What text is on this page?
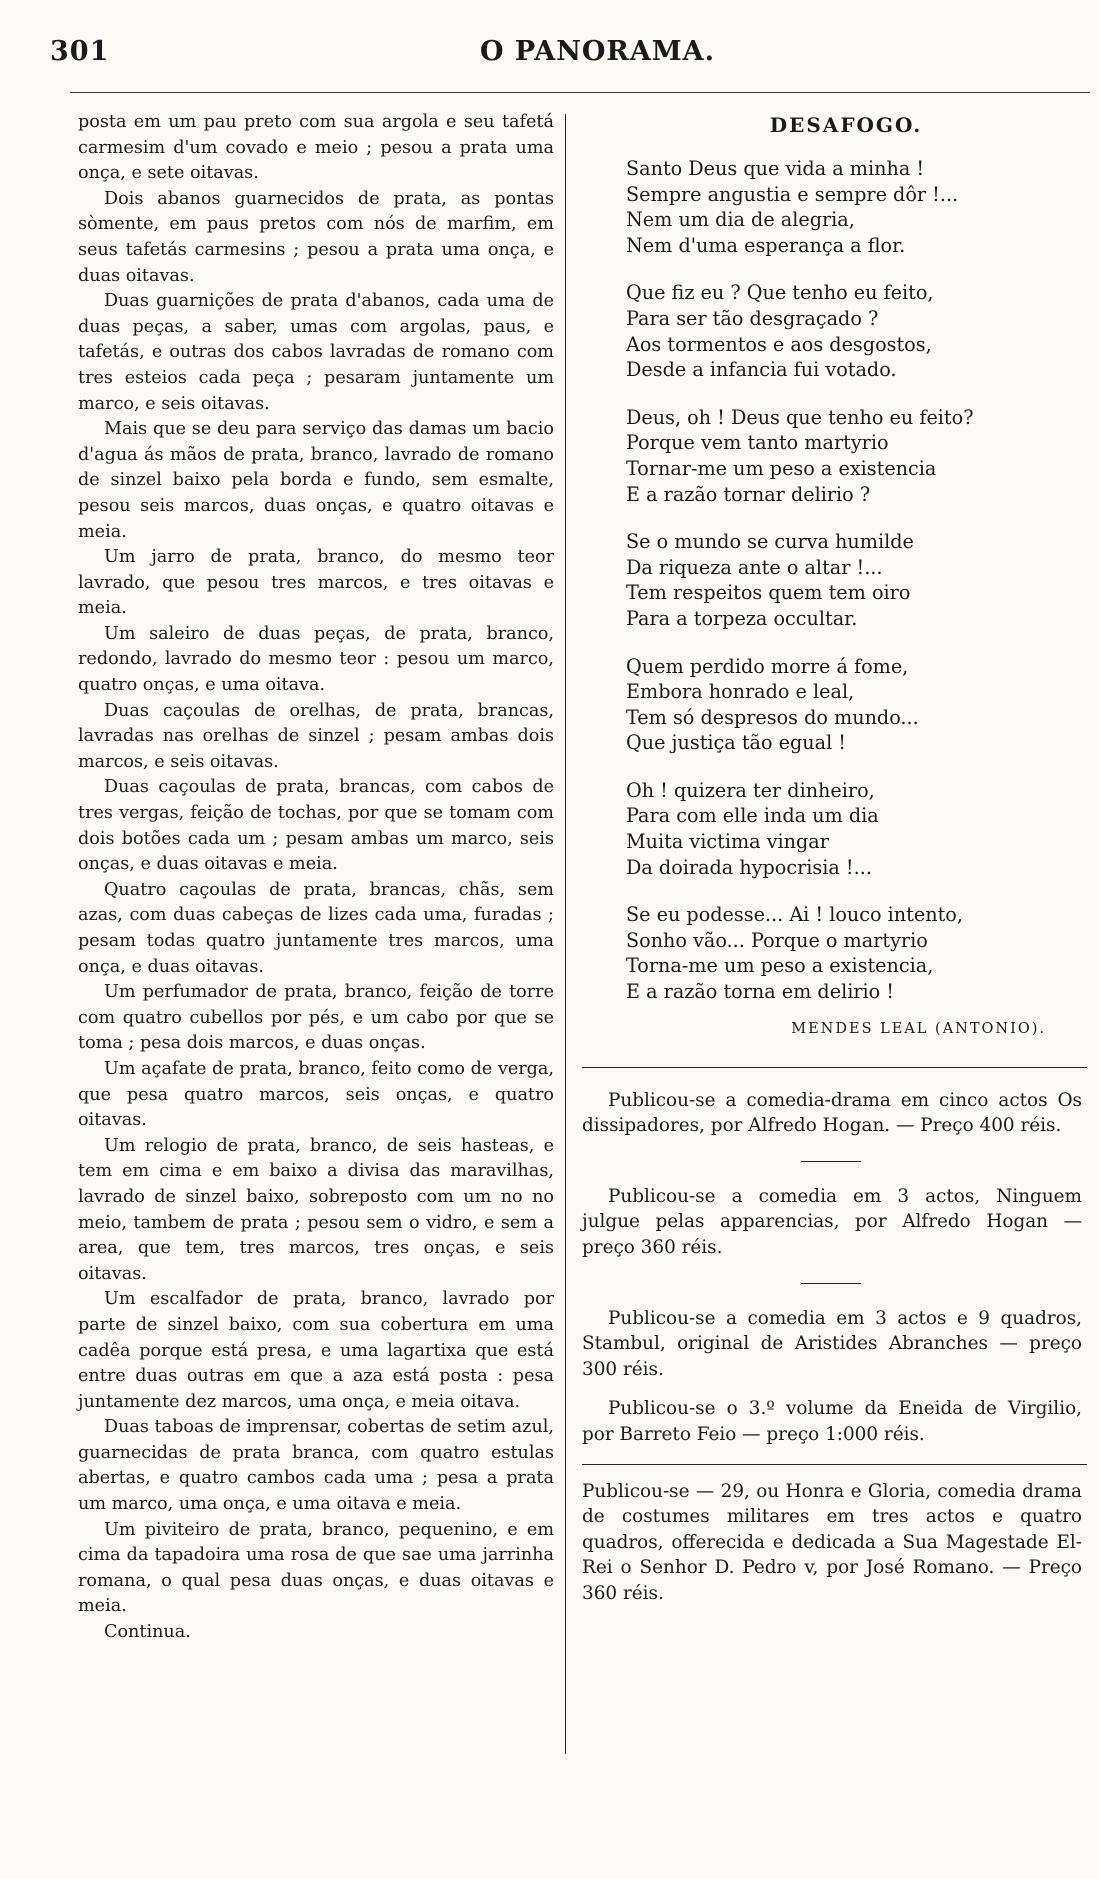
301	O PANORAMA.

posta em um pau preto com sua argola e seu tafetá carmesim d'um covado e meio ; pesou a prata uma onça, e sete oitavas.

Dois abanos guarnecidos de prata, as pontas sòmente, em paus pretos com nós de marfim, em seus tafetás carmesins ; pesou a prata uma onça, e duas oitavas.

Duas guarnições de prata d'abanos, cada uma de duas peças, a saber, umas com argolas, paus, e tafetás, e outras dos cabos lavradas de romano com tres esteios cada peça ; pesaram juntamente um marco, e seis oitavas.

Mais que se deu para serviço das damas um bacio d'agua ás mãos de prata, branco, lavrado de romano de sinzel baixo pela borda e fundo, sem esmalte, pesou seis marcos, duas onças, e quatro oitavas e meia.

Um jarro de prata, branco, do mesmo teor lavrado, que pesou tres marcos, e tres oitavas e meia.

Um saleiro de duas peças, de prata, branco, redondo, lavrado do mesmo teor : pesou um marco, quatro onças, e uma oitava.

Duas caçoulas de orelhas, de prata, brancas, lavradas nas orelhas de sinzel ; pesam ambas dois marcos, e seis oitavas.

Duas caçoulas de prata, brancas, com cabos de tres vergas, feição de tochas, por que se tomam com dois botões cada um ; pesam ambas um marco, seis onças, e duas oitavas e meia.

Quatro caçoulas de prata, brancas, chãs, sem azas, com duas cabeças de lizes cada uma, furadas ; pesam todas quatro juntamente tres marcos, uma onça, e duas oitavas.

Um perfumador de prata, branco, feição de torre com quatro cubellos por pés, e um cabo por que se toma ; pesa dois marcos, e duas onças.

Um açafate de prata, branco, feito como de verga, que pesa quatro marcos, seis onças, e quatro oitavas.

Um relogio de prata, branco, de seis hasteas, e tem em cima e em baixo a divisa das maravilhas, lavrado de sinzel baixo, sobreposto com um no no meio, tambem de prata ; pesou sem o vidro, e sem a area, que tem, tres marcos, tres onças, e seis oitavas.

Um escalfador de prata, branco, lavrado por parte de sinzel baixo, com sua cobertura em uma cadêa porque está presa, e uma lagartixa que está entre duas outras em que a aza está posta : pesa juntamente dez marcos, uma onça, e meia oitava.

Duas taboas de imprensar, cobertas de setim azul, guarnecidas de prata branca, com quatro estulas abertas, e quatro cambos cada uma ; pesa a prata um marco, uma onça, e uma oitava e meia.

Um piviteiro de prata, branco, pequenino, e em cima da tapadoira uma rosa de que sae uma jarrinha romana, o qual pesa duas onças, e duas oitavas e meia.

Continua.

DESAFOGO.
Santo Deus que vida a minha !
Sempre angustia e sempre dôr !...
Nem um dia de alegria,
Nem d'uma esperança a flor.
Que fiz eu ? Que tenho eu feito,
Para ser tão desgraçado ?
Aos tormentos e aos desgostos,
Desde a infancia fui votado.
Deus, oh ! Deus que tenho eu feito?
Porque vem tanto martyrio
Tornar-me um peso a existencia
E a razão tornar delirio ?
Se o mundo se curva humilde
Da riqueza ante o altar !...
Tem respeitos quem tem oiro
Para a torpeza occultar.
Quem perdido morre á fome,
Embora honrado e leal,
Tem só despresos do mundo...
Que justiça tão egual !
Oh ! quizera ter dinheiro,
Para com elle inda um dia
Muita victima vingar
Da doirada hypocrisia !...
Se eu podesse... Ai ! louco intento,
Sonho vão... Porque o martyrio
Torna-me um peso a existencia,
E a razão torna em delirio !
MENDES LEAL (ANTONIO).
Publicou-se a comedia-drama em cinco actos Os dissipadores, por Alfredo Hogan. — Preço 400 réis.
Publicou-se a comedia em 3 actos, Ninguem julgue pelas apparencias, por Alfredo Hogan — preço 360 réis.
Publicou-se a comedia em 3 actos e 9 quadros, Stambul, original de Aristides Abranches — preço 300 réis.
Publicou-se o 3.º volume da Eneida de Virgilio, por Barreto Feio — preço 1:000 réis.
Publicou-se — 29, ou Honra e Gloria, comedia drama de costumes militares em tres actos e quatro quadros, offerecida e dedicada a Sua Magestade El-Rei o Senhor D. Pedro v, por José Romano. — Preço 360 réis.
